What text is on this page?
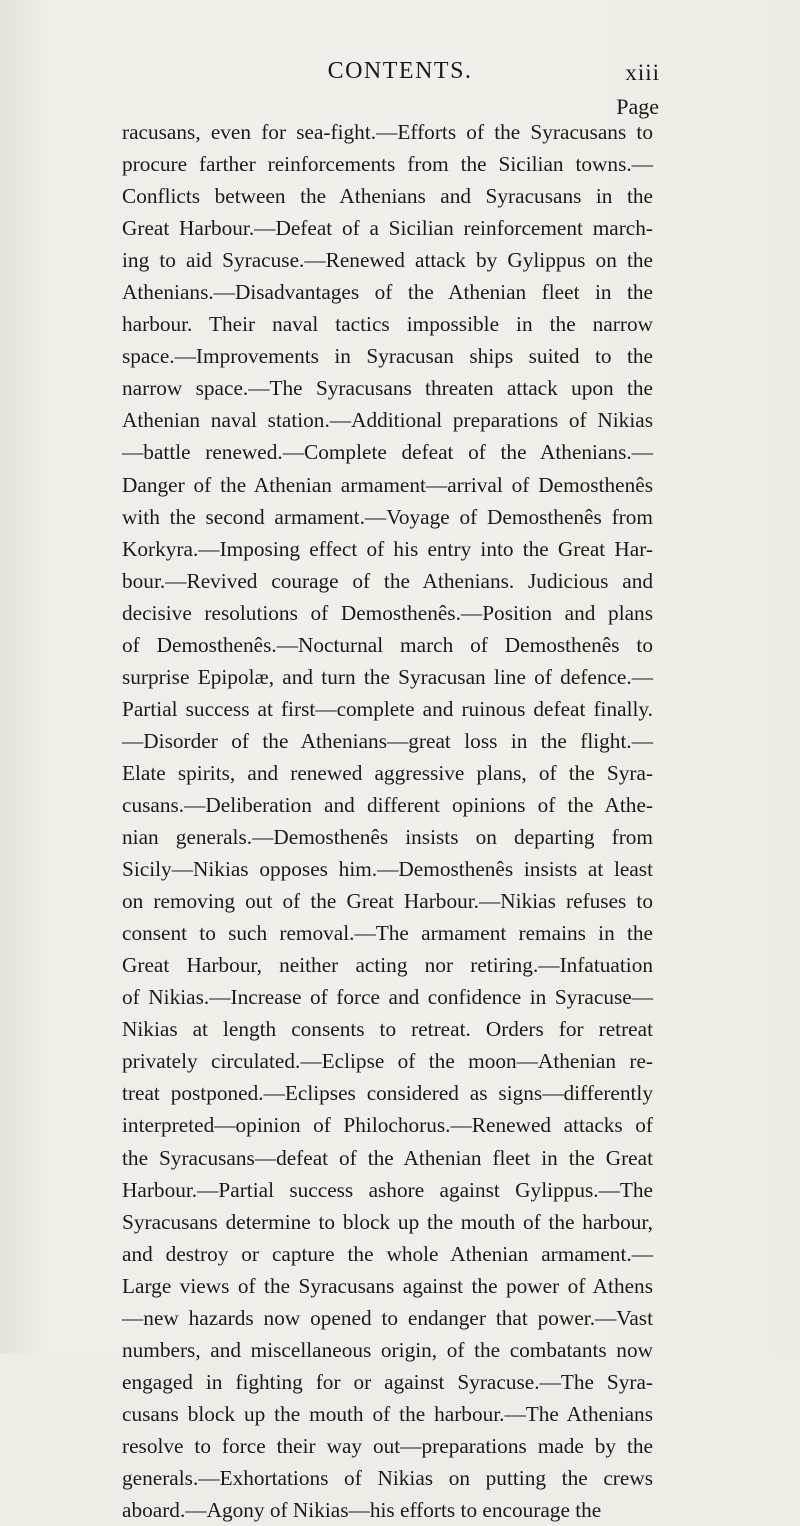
CONTENTS.	xiii
Page
racusans, even for sea-fight.—Efforts of the Syracusans to
procure farther reinforcements from the Sicilian towns.—
Conflicts between the Athenians and Syracusans in the
Great Harbour.—Defeat of a Sicilian reinforcement march-
ing to aid Syracuse.—Renewed attack by Gylippus on the
Athenians.—Disadvantages of the Athenian fleet in the
harbour. Their naval tactics impossible in the narrow
space.—Improvements in Syracusan ships suited to the
narrow space.—The Syracusans threaten attack upon the
Athenian naval station.—Additional preparations of Nikias
—battle renewed.—Complete defeat of the Athenians.—
Danger of the Athenian armament—arrival of Demosthenês
with the second armament.—Voyage of Demosthenês from
Korkyra.—Imposing effect of his entry into the Great Har-
bour.—Revived courage of the Athenians. Judicious and
decisive resolutions of Demosthenês.—Position and plans
of Demosthenês.—Nocturnal march of Demosthenês to
surprise Epipolæ, and turn the Syracusan line of defence.—
Partial success at first—complete and ruinous defeat finally.
—Disorder of the Athenians—great loss in the flight.—
Elate spirits, and renewed aggressive plans, of the Syra-
cusans.—Deliberation and different opinions of the Athe-
nian generals.—Demosthenês insists on departing from
Sicily—Nikias opposes him.—Demosthenês insists at least
on removing out of the Great Harbour.—Nikias refuses to
consent to such removal.—The armament remains in the
Great Harbour, neither acting nor retiring.—Infatuation
of Nikias.—Increase of force and confidence in Syracuse—
Nikias at length consents to retreat. Orders for retreat
privately circulated.—Eclipse of the moon—Athenian re-
treat postponed.—Eclipses considered as signs—differently
interpreted—opinion of Philochorus.—Renewed attacks of
the Syracusans—defeat of the Athenian fleet in the Great
Harbour.—Partial success ashore against Gylippus.—The
Syracusans determine to block up the mouth of the harbour,
and destroy or capture the whole Athenian armament.—
Large views of the Syracusans against the power of Athens
—new hazards now opened to endanger that power.—Vast
numbers, and miscellaneous origin, of the combatants now
engaged in fighting for or against Syracuse.—The Syra-
cusans block up the mouth of the harbour.—The Athenians
resolve to force their way out—preparations made by the
generals.—Exhortations of Nikias on putting the crews
aboard.—Agony of Nikias—his efforts to encourage the
